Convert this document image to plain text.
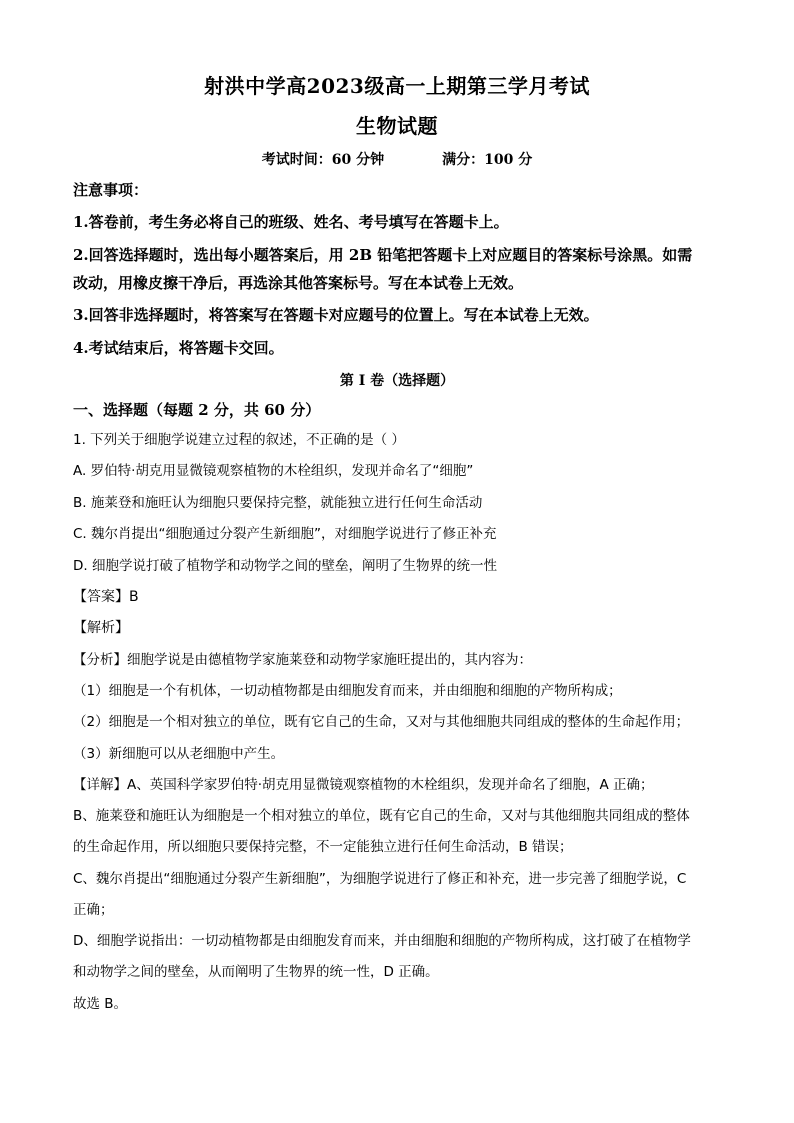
射洪中学高2023级高一上期第三学月考试
生物试题
考试时间：60 分钟	满分：100 分
注意事项：
1.答卷前，考生务必将自己的班级、姓名、考号填写在答题卡上。
2.回答选择题时，选出每小题答案后，用 2B 铅笔把答题卡上对应题目的答案标号涂黑。如需
改动，用橡皮擦干净后，再选涂其他答案标号。写在本试卷上无效。
3.回答非选择题时，将答案写在答题卡对应题号的位置上。写在本试卷上无效。
4.考试结束后，将答题卡交回。
第 I 卷（选择题）
一、选择题（每题 2 分，共 60 分）
1. 下列关于细胞学说建立过程的叙述，不正确的是（ ）
A. 罗伯特·胡克用显微镜观察植物的木栓组织，发现并命名了“细胞”
B. 施莱登和施旺认为细胞只要保持完整，就能独立进行任何生命活动
C. 魏尔肖提出“细胞通过分裂产生新细胞”，对细胞学说进行了修正补充
D. 细胞学说打破了植物学和动物学之间的壁垒，阐明了生物界的统一性
【答案】B
【解析】
【分析】细胞学说是由德植物学家施莱登和动物学家施旺提出的，其内容为：
（1）细胞是一个有机体，一切动植物都是由细胞发育而来，并由细胞和细胞的产物所构成；
（2）细胞是一个相对独立的单位，既有它自己的生命，又对与其他细胞共同组成的整体的生命起作用；
（3）新细胞可以从老细胞中产生。
【详解】A、英国科学家罗伯特·胡克用显微镜观察植物的木栓组织，发现并命名了细胞，A 正确；
B、施莱登和施旺认为细胞是一个相对独立的单位，既有它自己的生命，又对与其他细胞共同组成的整体
的生命起作用，所以细胞只要保持完整，不一定能独立进行任何生命活动，B 错误；
C、魏尔肖提出“细胞通过分裂产生新细胞”，为细胞学说进行了修正和补充，进一步完善了细胞学说，C
正确；
D、细胞学说指出：一切动植物都是由细胞发育而来，并由细胞和细胞的产物所构成，这打破了在植物学
和动物学之间的壁垒，从而阐明了生物界的统一性，D 正确。
故选 B。
